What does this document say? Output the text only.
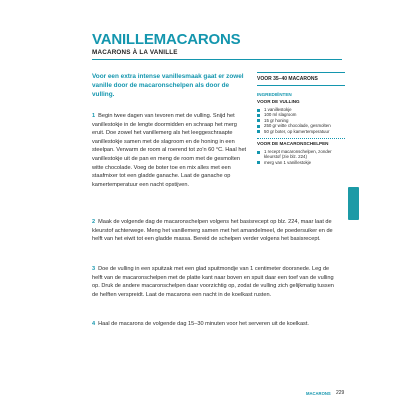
VANILLEMACARONS
MACARONS À LA VANILLE

Voor een extra intense vanillesmaak gaat er zowel vanille door de macaronschelpen als door de vulling.

1 Begin twee dagen van tevoren met de vulling. Snijd het vanillestokje in de lengte doormidden en schraap het merg eruit. Doe zowel het vanillemerg als het leeggeschraapte vanillestokje samen met de slagroom en de honing in een steelpan. Verwarm de room al roerend tot zo'n 60 °C. Haal het vanillestokje uit de pan en meng de room met de gesmolten witte chocolade. Voeg de boter toe en mix alles met een staafmixer tot een gladde ganache. Laat de ganache op kamertemperatuur een nacht opstijven.

2 Maak de volgende dag de macaronschelpen volgens het basisrecept op blz. 224, maar laat de kleurstof achterwege. Meng het vanillemerg samen met het amandelmeel, de poedersuiker en de helft van het eiwit tot een gladde massa. Bereid de schelpen verder volgens het basisrecept.

3 Doe de vulling in een spuitzak met een glad spuitmondje van 1 centimeter doorsnede. Leg de helft van de macaronschelpen met de platte kant naar boven en spuit daar een toef van de vulling op. Druk de andere macaronschelpen daar voorzichtig op, zodat de vulling zich gelijkmatig tussen de helften verspreidt. Laat de macarons een nacht in de koelkast rusten.

4 Haal de macarons de volgende dag 15–30 minuten voor het serveren uit de koelkast.

VOOR 35–40 MACARONS
INGREDIËNTEN
VOOR DE VULLING
1 vanillestokje
100 ml slagroom
15 gr honing
250 gr witte chocolade, gesmolten
50 gr boter, op kamertemperatuur
VOOR DE MACARONSCHELPEN
1 recept macaronschelpen, zonder kleurstof (zie blz. 224)
merg van 1 vanillestokje
MACARONS 229
